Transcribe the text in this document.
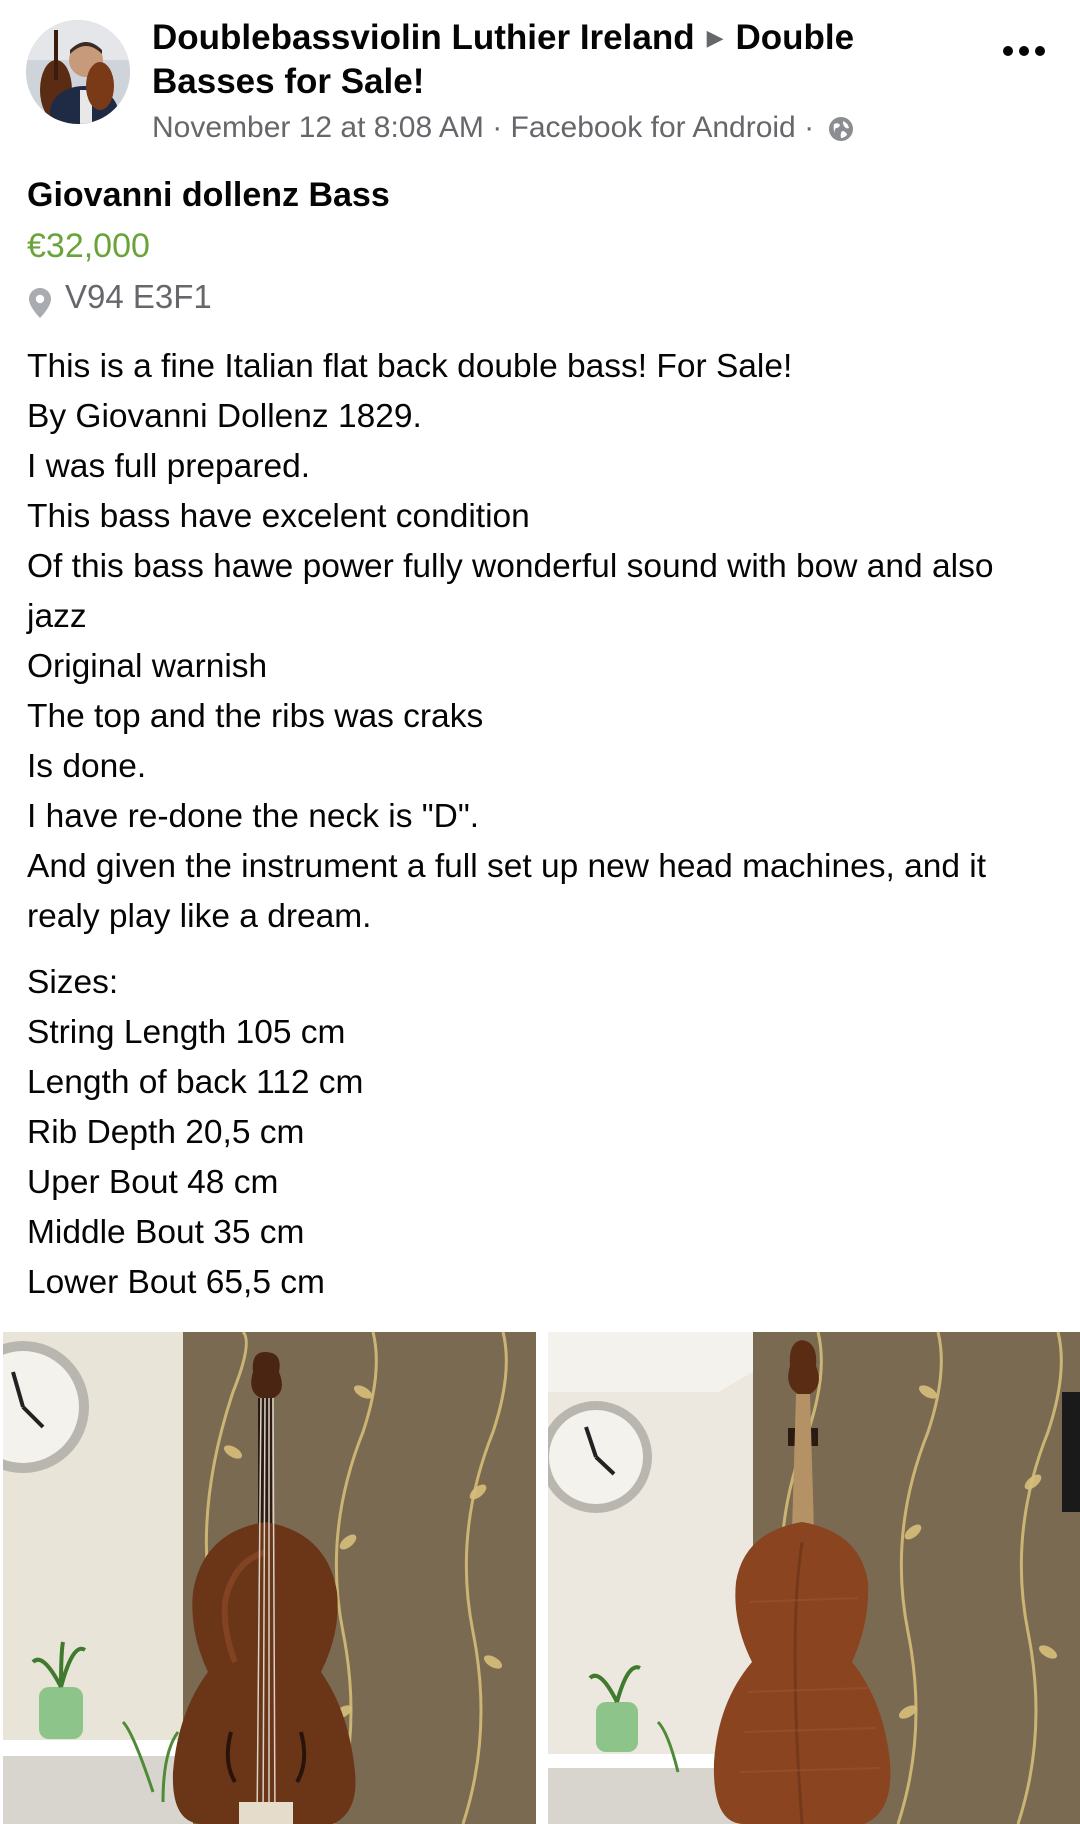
Doublebassviolin Luthier Ireland ▶ Double Basses for Sale!
November 12 at 8:08 AM · Facebook for Android ·
Giovanni dollenz Bass
€32,000
V94 E3F1

This is a fine Italian flat back double bass! For Sale!

By Giovanni Dollenz 1829.

I was full prepared.

This bass have excelent condition

Of this bass hawe power fully wonderful sound with bow and also jazz

Original warnish

The top and the ribs was craks

Is done.

I have re-done the neck is "D".

And given the instrument a full set up new head machines, and it realy play like a dream.

Sizes:

String Length 105 cm

Length of back 112 cm

Rib Depth 20,5 cm

Uper Bout 48 cm

Middle Bout 35 cm

Lower Bout 65,5 cm
